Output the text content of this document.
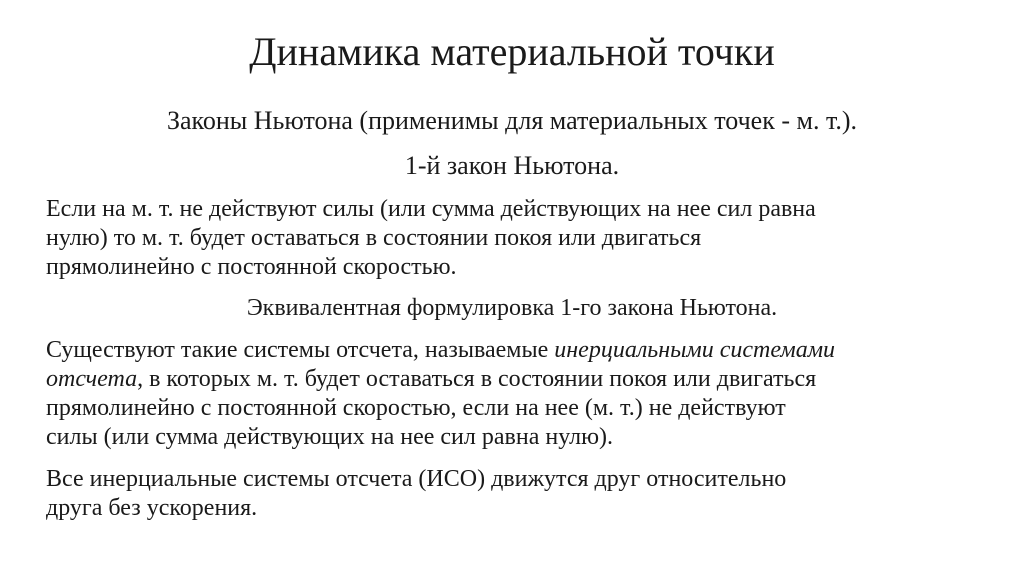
Динамика материальной точки
Законы Ньютона (применимы для материальных точек - м. т.).
1-й закон Ньютона.

Если на м. т. не действуют силы (или сумма действующих на нее сил равна
нулю) то м. т. будет оставаться в состоянии покоя или двигаться
прямолинейно с постоянной скоростью.

Эквивалентная формулировка 1-го закона Ньютона.

Существуют такие системы отсчета, называемые инерциальными системами
отсчета, в которых м. т. будет оставаться в состоянии покоя или двигаться
прямолинейно с постоянной скоростью, если на нее (м. т.) не действуют
силы (или сумма действующих на нее сил равна нулю).

Все инерциальные системы отсчета (ИСО) движутся друг относительно
друга без ускорения.
